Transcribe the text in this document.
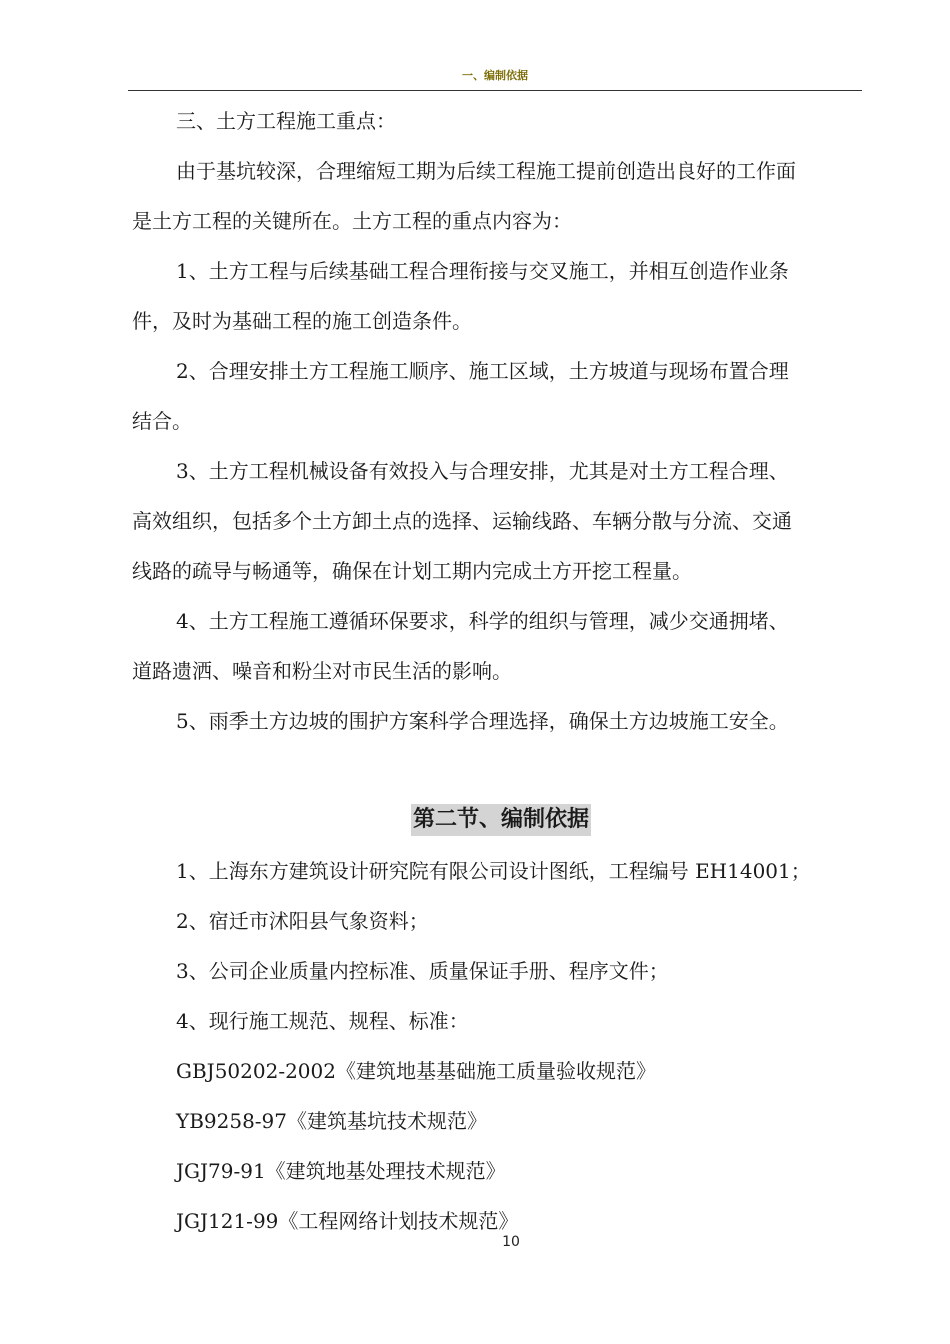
一、编制依据

三、土方工程施工重点：

由于基坑较深，合理缩短工期为后续工程施工提前创造出良好的工作面

是土方工程的关键所在。土方工程的重点内容为：

1、土方工程与后续基础工程合理衔接与交叉施工，并相互创造作业条

件，及时为基础工程的施工创造条件。

2、合理安排土方工程施工顺序、施工区域，土方坡道与现场布置合理

结合。

3、土方工程机械设备有效投入与合理安排，尤其是对土方工程合理、

高效组织，包括多个土方卸土点的选择、运输线路、车辆分散与分流、交通

线路的疏导与畅通等，确保在计划工期内完成土方开挖工程量。

4、土方工程施工遵循环保要求，科学的组织与管理，减少交通拥堵、

道路遗洒、噪音和粉尘对市民生活的影响。

5、雨季土方边坡的围护方案科学合理选择，确保土方边坡施工安全。

第二节、编制依据

1、上海东方建筑设计研究院有限公司设计图纸，工程编号 EH14001；

2、宿迁市沭阳县气象资料；

3、公司企业质量内控标准、质量保证手册、程序文件；

4、现行施工规范、规程、标准：

GBJ50202-2002《建筑地基基础施工质量验收规范》

YB9258-97《建筑基坑技术规范》

JGJ79-91《建筑地基处理技术规范》

JGJ121-99《工程网络计划技术规范》

10
